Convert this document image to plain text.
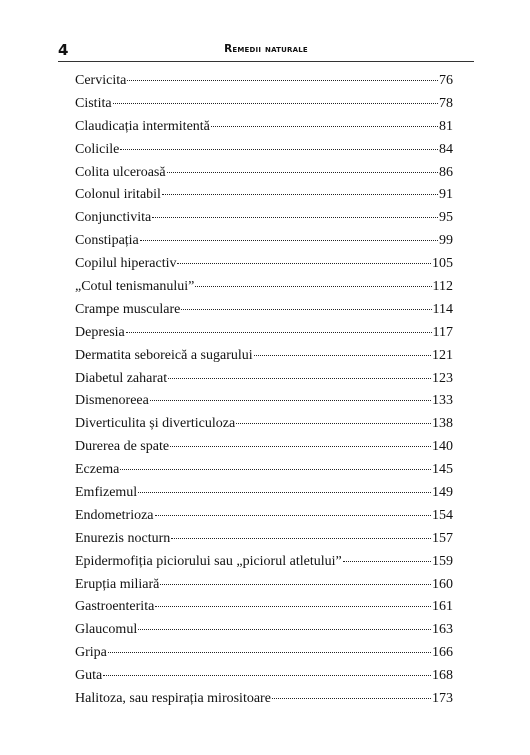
4	Remedii naturale
Cervicita	76
Cistita	78
Claudicația intermitentă	81
Colicile	84
Colita ulceroasă	86
Colonul iritabil	91
Conjunctivita	95
Constipația	99
Copilul hiperactiv	105
„Cotul tenismanului”	112
Crampe musculare	114
Depresia	117
Dermatita seboreică a sugarului	121
Diabetul zaharat	123
Dismenoreea	133
Diverticulita și diverticuloza	138
Durerea de spate	140
Eczema	145
Emfizemul	149
Endometrioza	154
Enurezis nocturn	157
Epidermofiția piciorului sau „piciorul atletului”	159
Erupția miliară	160
Gastroenterita	161
Glaucomul	163
Gripa	166
Guta	168
Halitoza, sau respirația mirositoare	173
